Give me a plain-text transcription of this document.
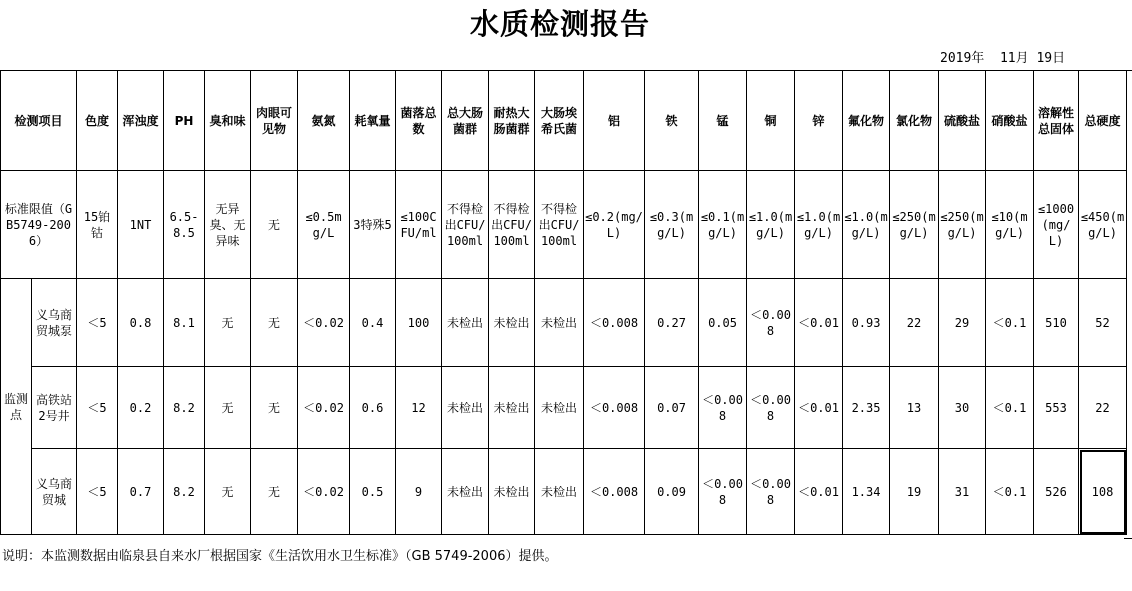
水质检测报告
2019年  11月 19日
检测项目		色度	浑浊度	PH	臭和味	肉眼可见物	氨氮	耗氧量	菌落总数	总大肠菌群	耐热大肠菌群	大肠埃希氏菌	铝	铁	锰	铜	锌	氟化物	氯化物	硫酸盐	硝酸盐	溶解性总固体	总硬度
标准限值（GB5749-2006）		15铂钴	1NT	6.5-8.5	无异臭、无异味	无	≤0.5mg/L	3特殊5	≤100CFU/ml	不得检出CFU/100ml	不得检出CFU/100ml	不得检出CFU/100ml	≤0.2(mg/L)	≤0.3(mg/L)	≤0.1(mg/L)	≤1.0(mg/L)	≤1.0(mg/L)	≤1.0(mg/L)	≤250(mg/L)	≤250(mg/L)	≤10(mg/L)	≤1000(mg/L)	≤450(mg/L)
监测点	义乌商贸城泵	＜5	0.8	8.1	无	无	＜0.02	0.4	100	未检出	未检出	未检出	＜0.008	0.27	0.05	＜0.008	＜0.01	0.93	22	29	＜0.1	510	52
	高铁站2号井	＜5	0.2	8.2	无	无	＜0.02	0.6	12	未检出	未检出	未检出	＜0.008	0.07	＜0.008	＜0.008	＜0.01	2.35	13	30	＜0.1	553	22
	义乌商贸城	＜5	0.7	8.2	无	无	＜0.02	0.5	9	未检出	未检出	未检出	＜0.008	0.09	＜0.008	＜0.008	＜0.01	1.34	19	31	＜0.1	526	108
说明：本监测数据由临泉县自来水厂根据国家《生活饮用水卫生标准》（GB 5749-2006）提供。
